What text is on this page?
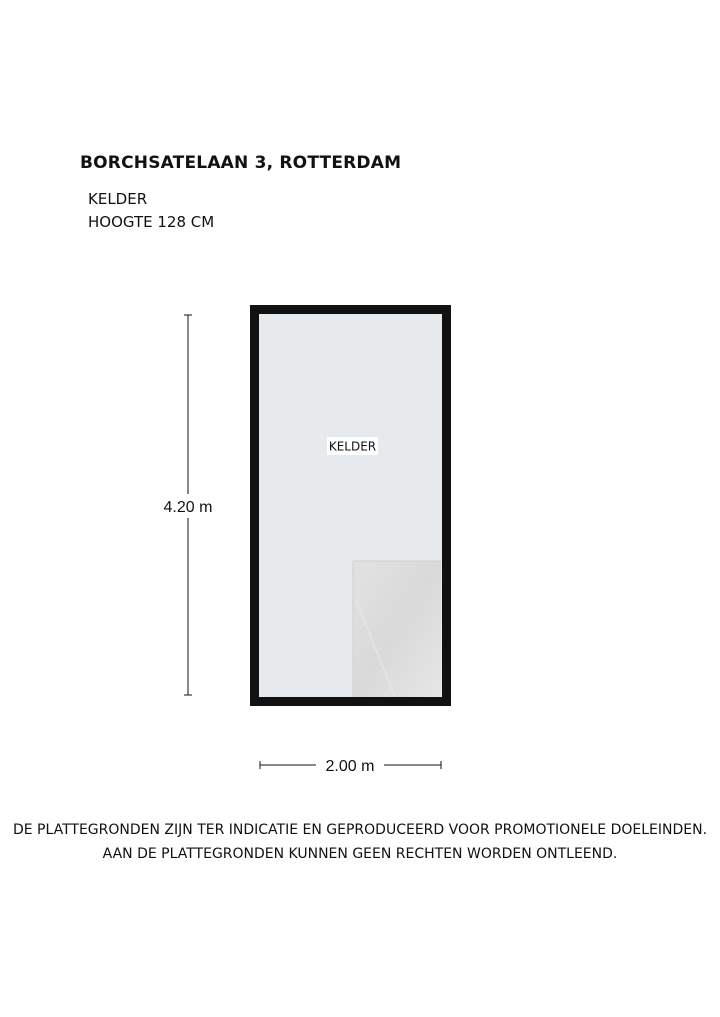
BORCHSATELAAN 3, ROTTERDAM
KELDER
HOOGTE 128 CM
KELDER
4.20 m
2.00 m
DE PLATTEGRONDEN ZIJN TER INDICATIE EN GEPRODUCEERD VOOR PROMOTIONELE DOELEINDEN.
AAN DE PLATTEGRONDEN KUNNEN GEEN RECHTEN WORDEN ONTLEEND.
